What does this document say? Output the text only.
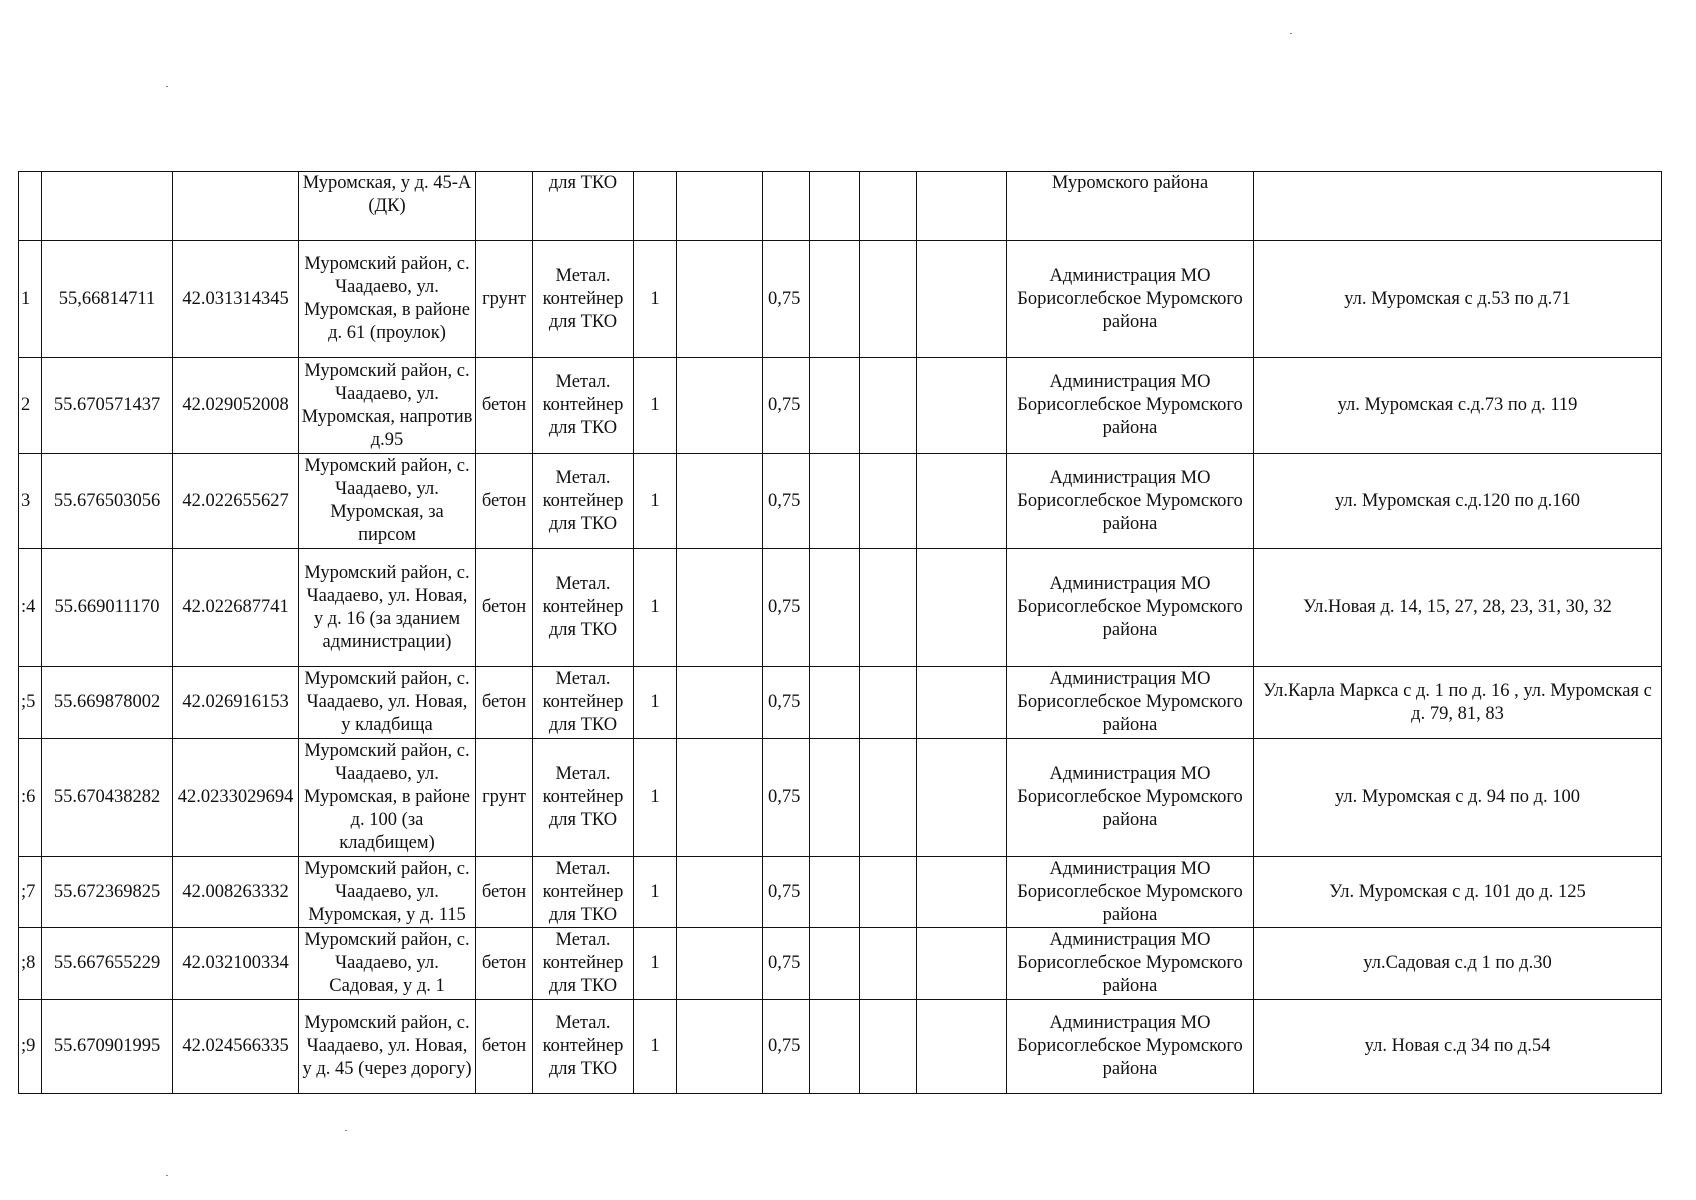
			Муромская, у д. 45-А (ДК)		для ТКО							Муромского района	
1	55,66814711	42.031314345	Муромский район, с. Чаадаево, ул. Муромская, в районе д. 61 (проулок)	грунт	Метал. контейнер для ТКО	1		0,75				Администрация МО Борисоглебское Муромского района	ул. Муромская с д.53 по д.71
2	55.670571437	42.029052008	Муромский район, с. Чаадаево, ул. Муромская, напротив д.95	бетон	Метал. контейнер для ТКО	1		0,75				Администрация МО Борисоглебское Муромского района	ул. Муромская с.д.73 по д. 119
3	55.676503056	42.022655627	Муромский район, с. Чаадаево, ул. Муромская, за пирсом	бетон	Метал. контейнер для ТКО	1		0,75				Администрация МО Борисоглебское Муромского района	ул. Муромская с.д.120 по д.160
:4	55.669011170	42.022687741	Муромский район, с. Чаадаево, ул. Новая, у д. 16 (за зданием администрации)	бетон	Метал. контейнер для ТКО	1		0,75				Администрация МО Борисоглебское Муромского района	Ул.Новая д. 14, 15, 27, 28, 23, 31, 30, 32
;5	55.669878002	42.026916153	Муромский район, с. Чаадаево, ул. Новая, у кладбища	бетон	Метал. контейнер для ТКО	1		0,75				Администрация МО Борисоглебское Муромского района	Ул.Карла Маркса с д. 1 по д. 16 , ул. Муромская с д. 79, 81, 83
:6	55.670438282	42.0233029694	Муромский район, с. Чаадаево, ул. Муромская, в районе д. 100 (за кладбищем)	грунт	Метал. контейнер для ТКО	1		0,75				Администрация МО Борисоглебское Муромского района	ул. Муромская с д. 94 по д. 100
;7	55.672369825	42.008263332	Муромский район, с. Чаадаево, ул. Муромская, у д. 115	бетон	Метал. контейнер для ТКО	1		0,75				Администрация МО Борисоглебское Муромского района	Ул. Муромская с д. 101 до д. 125
;8	55.667655229	42.032100334	Муромский район, с. Чаадаево, ул. Садовая, у д. 1	бетон	Метал. контейнер для ТКО	1		0,75				Администрация МО Борисоглебское Муромского района	ул.Садовая с.д 1 по д.30
;9	55.670901995	42.024566335	Муромский район, с. Чаадаево, ул. Новая, у д. 45 (через дорогу)	бетон	Метал. контейнер для ТКО	1		0,75				Администрация МО Борисоглебское Муромского района	ул. Новая с.д 34 по д.54
